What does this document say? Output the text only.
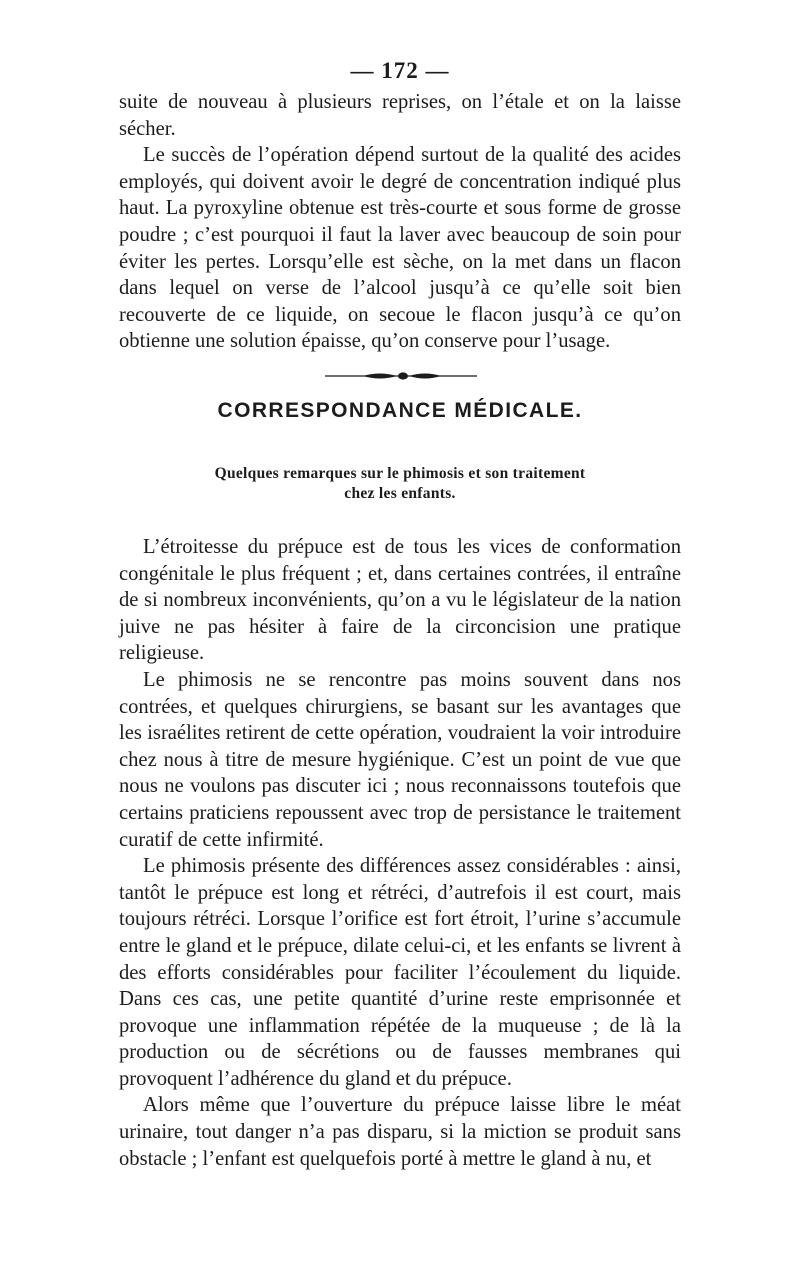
— 172 —

suite de nouveau à plusieurs reprises, on l’étale et on la laisse sécher.

Le succès de l’opération dépend surtout de la qualité des acides employés, qui doivent avoir le degré de concentration indiqué plus haut. La pyroxyline obtenue est très-courte et sous forme de grosse poudre ; c’est pourquoi il faut la laver avec beaucoup de soin pour éviter les pertes. Lorsqu’elle est sèche, on la met dans un flacon dans lequel on verse de l’alcool jusqu’à ce qu’elle soit bien recouverte de ce liquide, on secoue le flacon jusqu’à ce qu’on obtienne une solution épaisse, qu’on conserve pour l’usage.

CORRESPONDANCE MÉDICALE.
Quelques remarques sur le phimosis et son traitement
chez les enfants.

L’étroitesse du prépuce est de tous les vices de conformation congénitale le plus fréquent ; et, dans certaines contrées, il entraîne de si nombreux inconvénients, qu’on a vu le législateur de la nation juive ne pas hésiter à faire de la circoncision une pratique religieuse.

Le phimosis ne se rencontre pas moins souvent dans nos contrées, et quelques chirurgiens, se basant sur les avantages que les israélites retirent de cette opération, voudraient la voir introduire chez nous à titre de mesure hygiénique. C’est un point de vue que nous ne voulons pas discuter ici ; nous reconnaissons toutefois que certains praticiens repoussent avec trop de persistance le traitement curatif de cette infirmité.

Le phimosis présente des différences assez considérables : ainsi, tantôt le prépuce est long et rétréci, d’autrefois il est court, mais toujours rétréci. Lorsque l’orifice est fort étroit, l’urine s’accumule entre le gland et le prépuce, dilate celui-ci, et les enfants se livrent à des efforts considérables pour faciliter l’écoulement du liquide. Dans ces cas, une petite quantité d’urine reste emprisonnée et provoque une inflammation répétée de la muqueuse ; de là la production ou de sécrétions ou de fausses membranes qui provoquent l’adhérence du gland et du prépuce.

Alors même que l’ouverture du prépuce laisse libre le méat urinaire, tout danger n’a pas disparu, si la miction se produit sans obstacle ; l’enfant est quelquefois porté à mettre le gland à nu, et
